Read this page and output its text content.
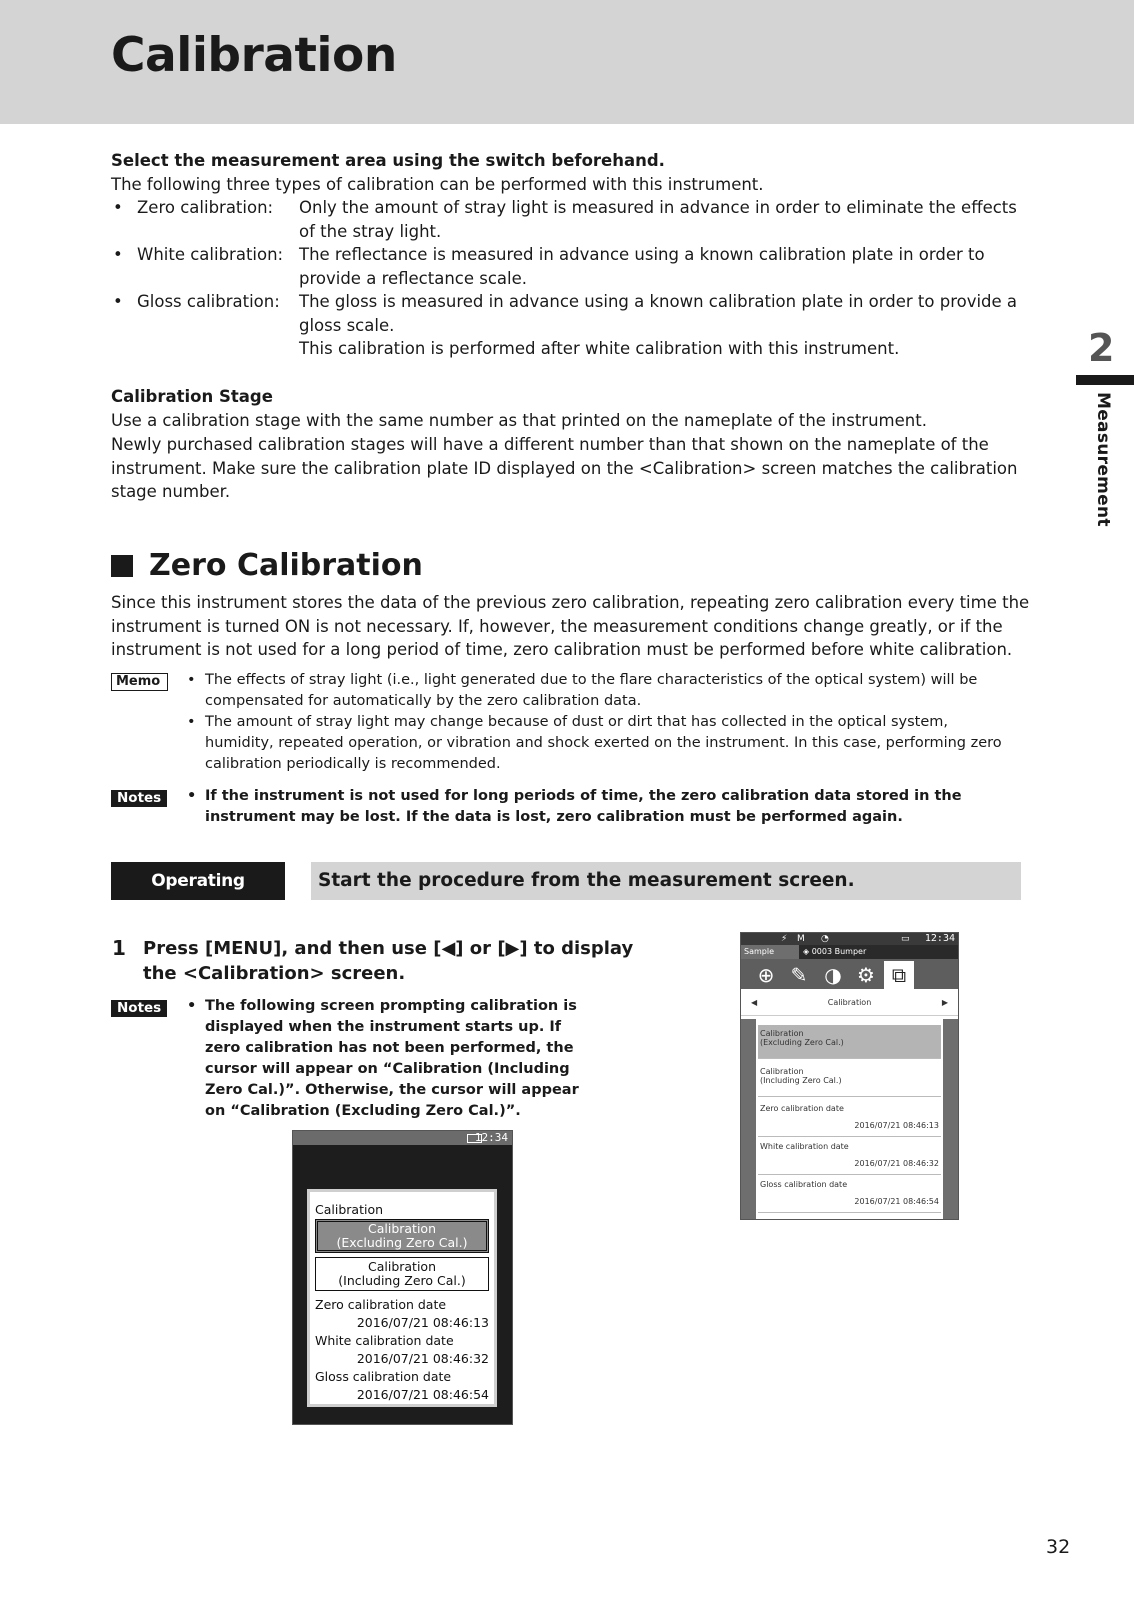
Calibration
2
Measurement
Select the measurement area using the switch beforehand.
The following three types of calibration can be performed with this instrument.
• Zero calibration: Only the amount of stray light is measured in advance in order to eliminate the effects of the stray light.
• White calibration: The reflectance is measured in advance using a known calibration plate in order to provide a reflectance scale.
• Gloss calibration: The gloss is measured in advance using a known calibration plate in order to provide a gloss scale.
This calibration is performed after white calibration with this instrument.
Calibration Stage
Use a calibration stage with the same number as that printed on the nameplate of the instrument.
Newly purchased calibration stages will have a different number than that shown on the nameplate of the instrument. Make sure the calibration plate ID displayed on the <Calibration> screen matches the calibration stage number.
Zero Calibration
Since this instrument stores the data of the previous zero calibration, repeating zero calibration every time the instrument is turned ON is not necessary. If, however, the measurement conditions change greatly, or if the instrument is not used for a long period of time, zero calibration must be performed before white calibration.
Memo	• The effects of stray light (i.e., light generated due to the flare characteristics of the optical system) will be compensated for automatically by the zero calibration data.
• The amount of stray light may change because of dust or dirt that has collected in the optical system, humidity, repeated operation, or vibration and shock exerted on the instrument. In this case, performing zero calibration periodically is recommended.
Notes	• If the instrument is not used for long periods of time, the zero calibration data stored in the instrument may be lost. If the data is lost, zero calibration must be performed again.
Operating Procedure
Start the procedure from the measurement screen.
1 Press [MENU], and then use [◀] or [▶] to display the <Calibration> screen.
Notes	• The following screen prompting calibration is displayed when the instrument starts up. If zero calibration has not been performed, the cursor will appear on “Calibration (Including Zero Cal.)”. Otherwise, the cursor will appear on “Calibration (Excluding Zero Cal.)”.
12:34
Calibration
Calibration
(Excluding Zero Cal.)
Calibration
(Including Zero Cal.)
Zero calibration date
2016/07/21 08:46:13
White calibration date
2016/07/21 08:46:32
Gloss calibration date
2016/07/21 08:46:54
⚡ M ◔	▭ 12:34
Sample	◈ 0003 Bumper
⊕ ✎ ◑ ⚙ ⧉
◀	Calibration	▶
Calibration
(Excluding Zero Cal.)
Calibration
(Including Zero Cal.)
Zero calibration date
2016/07/21 08:46:13
White calibration date
2016/07/21 08:46:32
Gloss calibration date
2016/07/21 08:46:54
32
